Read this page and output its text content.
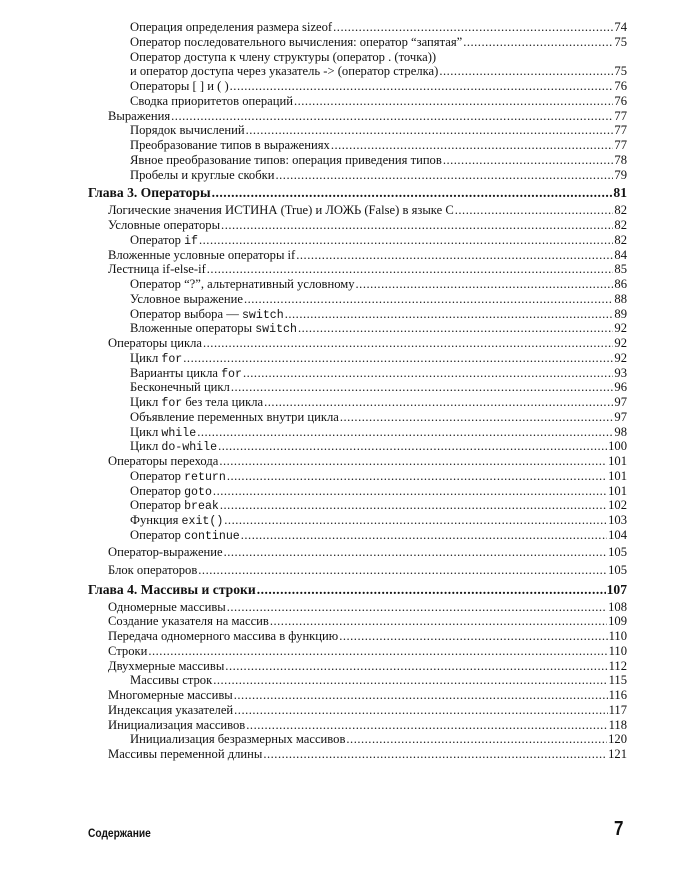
Операция определения размера sizeof .....	74
Оператор последовательного вычисления: оператор “запятая” .....	75
Оператор доступа к члену структуры (оператор . (точка))
и оператор доступа через указатель -> (оператор стрелка) .....	75
Операторы [ ] и ( ) .....	76
Сводка приоритетов операций .....	76
Выражения .....	77
Порядок вычислений .....	77
Преобразование типов в выражениях .....	77
Явное преобразование типов: операция приведения типов .....	78
Пробелы и круглые скобки .....	79
Глава 3. Операторы .....	81
Логические значения ИСТИНА (True) и ЛОЖЬ (False) в языке С .....	82
Условные операторы .....	82
Оператор if .....	82
Вложенные условные операторы if .....	84
Лестница if-else-if .....	85
Оператор “?”, альтернативный условному .....	86
Условное выражение .....	88
Оператор выбора — switch .....	89
Вложенные операторы switch .....	92
Операторы цикла .....	92
Цикл for .....	92
Варианты цикла for .....	93
Бесконечный цикл .....	96
Цикл for без тела цикла .....	97
Объявление переменных внутри цикла .....	97
Цикл while .....	98
Цикл do-while .....	100
Операторы перехода .....	101
Оператор return .....	101
Оператор goto .....	101
Оператор break .....	102
Функция exit() .....	103
Оператор continue .....	104
Оператор-выражение .....	105
Блок операторов .....	105
Глава 4. Массивы и строки .....	107
Одномерные массивы .....	108
Создание указателя на массив .....	109
Передача одномерного массива в функцию .....	110
Строки .....	110
Двухмерные массивы .....	112
Массивы строк .....	115
Многомерные массивы .....	116
Индексация указателей .....	117
Инициализация массивов .....	118
Инициализация безразмерных массивов .....	120
Массивы переменной длины .....	121
Содержание	7
